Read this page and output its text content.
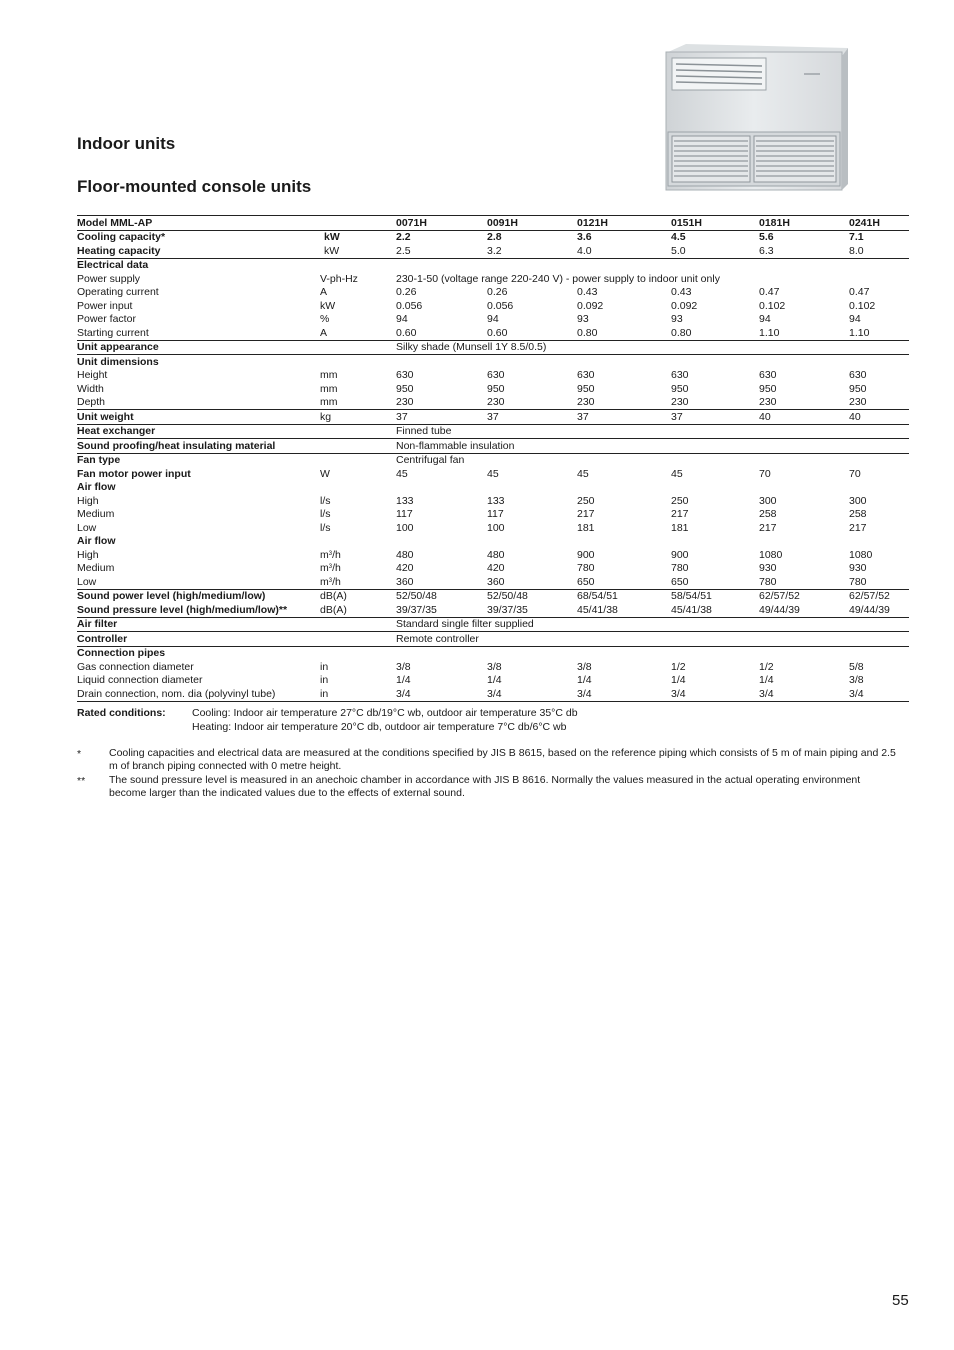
Indoor units
Floor-mounted console units
Model MML-AP		0071H	0091H	0121H	0151H	0181H	0241H
Cooling capacity*	kW	2.2	2.8	3.6	4.5	5.6	7.1
Heating capacity	kW	2.5	3.2	4.0	5.0	6.3	8.0
Electrical data							
Power supply	V-ph-Hz	230-1-50 (voltage range 220-240 V) - power supply to indoor unit only					
Operating current	A	0.26	0.26	0.43	0.43	0.47	0.47
Power input	kW	0.056	0.056	0.092	0.092	0.102	0.102
Power factor	%	94	94	93	93	94	94
Starting current	A	0.60	0.60	0.80	0.80	1.10	1.10
Unit appearance		Silky shade (Munsell 1Y 8.5/0.5)					
Unit dimensions							
Height	mm	630	630	630	630	630	630
Width	mm	950	950	950	950	950	950
Depth	mm	230	230	230	230	230	230
Unit weight	kg	37	37	37	37	40	40
Heat exchanger		Finned tube					
Sound proofing/heat insulating material		Non-flammable insulation					
Fan type		Centrifugal fan					
Fan motor power input	W	45	45	45	45	70	70
Air flow							
High	l/s	133	133	250	250	300	300
Medium	l/s	117	117	217	217	258	258
Low	l/s	100	100	181	181	217	217
Air flow							
High	$m^3/h$	480	480	900	900	1080	1080
Medium	$m^3/h$	420	420	780	780	930	930
Low	$m^3/h$	360	360	650	650	780	780
Sound power level (high/medium/low)	dB(A)	52/50/48	52/50/48	68/54/51	58/54/51	62/57/52	62/57/52
Sound pressure level (high/medium/low)**	dB(A)	39/37/35	39/37/35	45/41/38	45/41/38	49/44/39	49/44/39
Air filter		Standard single filter supplied					
Controller		Remote controller					
Connection pipes							
Gas connection diameter	in	3/8	3/8	3/8	1/2	1/2	5/8
Liquid connection diameter	in	1/4	1/4	1/4	1/4	1/4	3/8
Drain connection, nom. dia (polyvinyl tube)	in	3/4	3/4	3/4	3/4	3/4	3/4
Rated conditions:	Cooling: Indoor air temperature 27°C db/19°C wb, outdoor air temperature 35°C db
Heating: Indoor air temperature 20°C db, outdoor air temperature 7°C db/6°C wb
*	Cooling capacities and electrical data are measured at the conditions specified by JIS B 8615, based on the reference piping which consists of 5 m of main piping and 2.5 m of branch piping connected with 0 metre height.
** The sound pressure level is measured in an anechoic chamber in accordance with JIS B 8616. Normally the values measured in the actual operating environment become larger than the indicated values due to the effects of external sound.
55
